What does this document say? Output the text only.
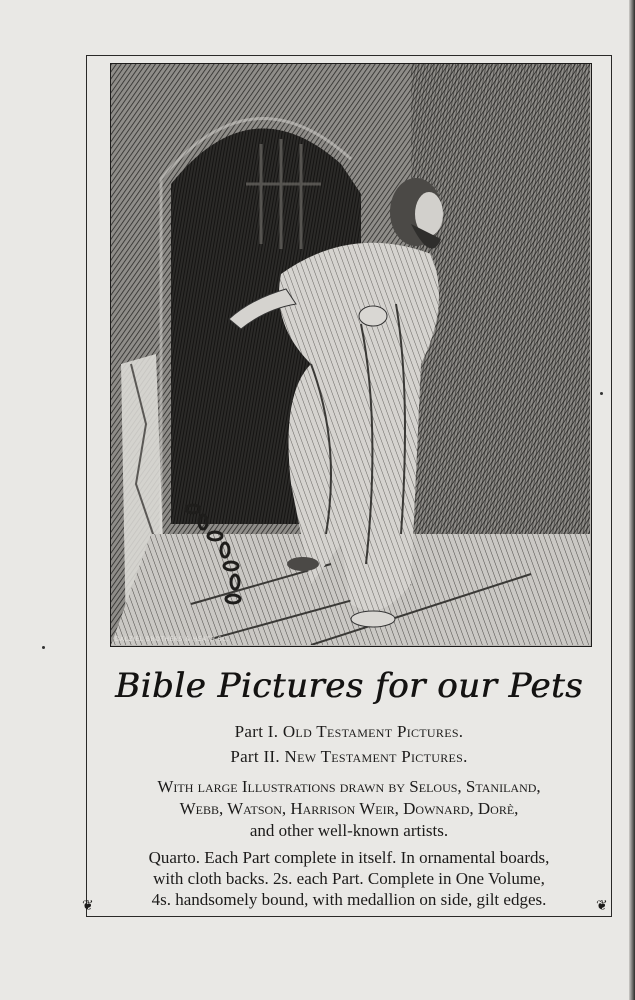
DALZIEL BROTHERS & HEATH SC.
Bible Pictures for our Pets
Part I. Old Testament Pictures.
Part II. New Testament Pictures.
With large Illustrations drawn by Selous, Staniland,
Webb, Watson, Harrison Weir, Downard, Dorè,
and other well-known artists.
Quarto. Each Part complete in itself. In ornamental boards,
with cloth backs. 2s. each Part. Complete in One Volume,
4s. handsomely bound, with medallion on side, gilt edges.
❦	❦
